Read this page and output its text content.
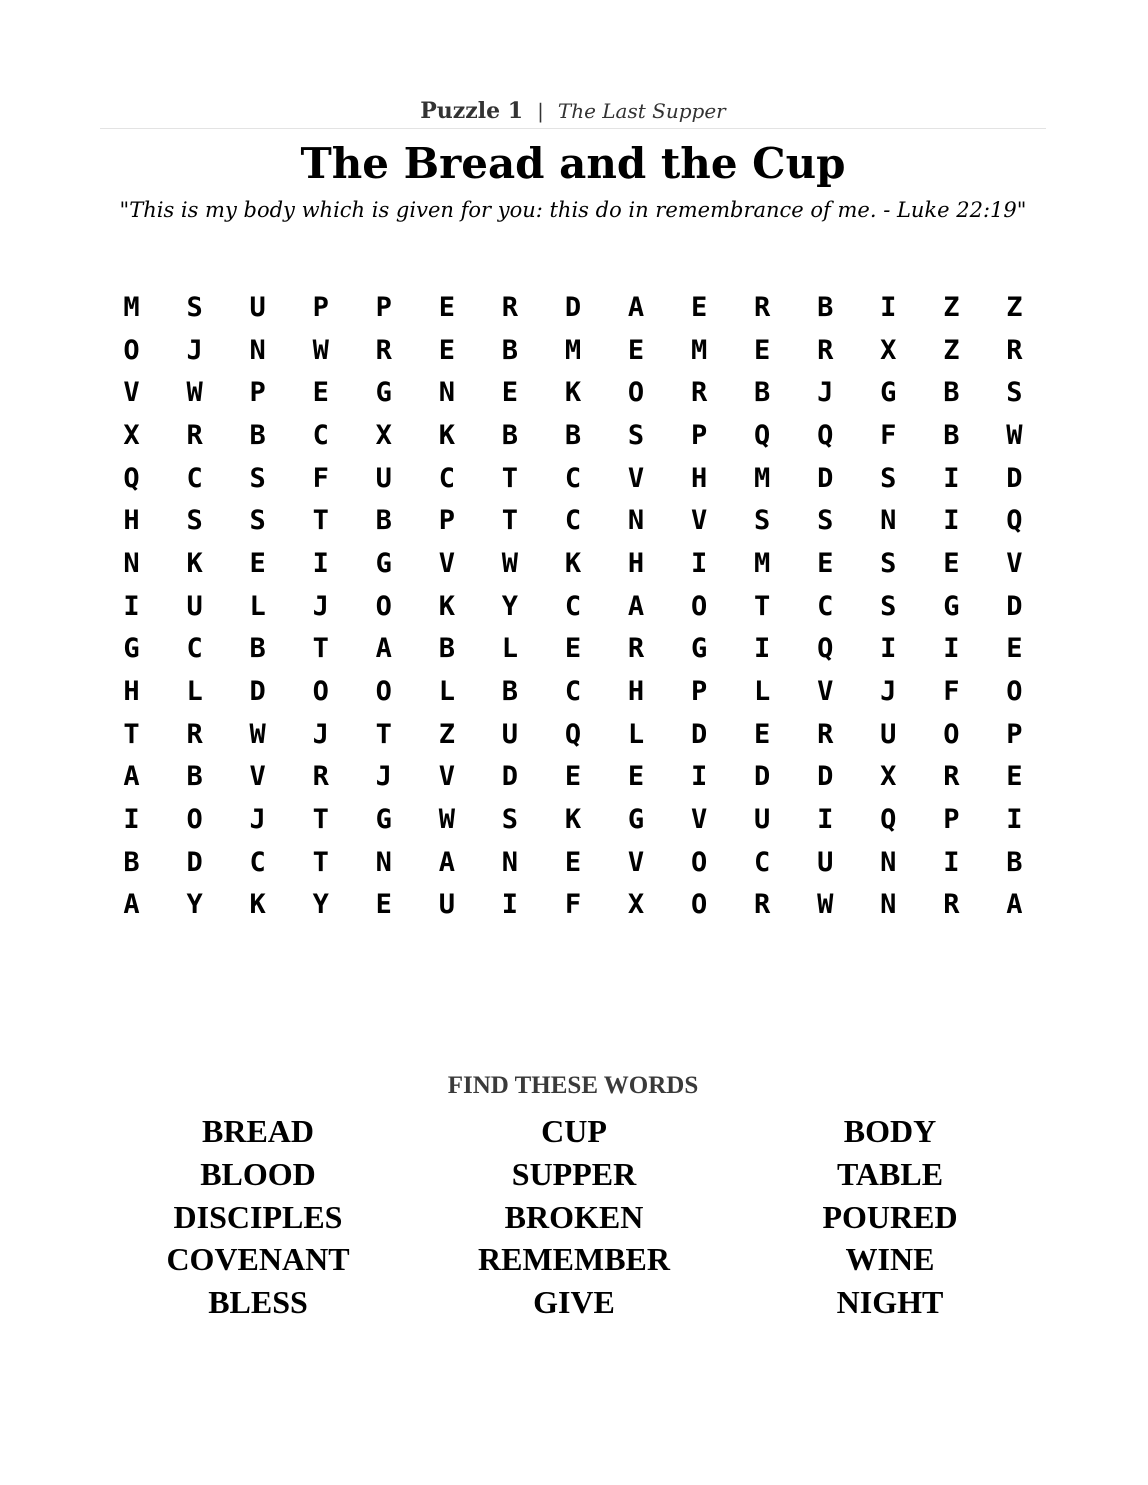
Puzzle 1 | The Last Supper
The Bread and the Cup
"This is my body which is given for you: this do in remembrance of me. - Luke 22:19"
M	S	U	P	P	E	R	D	A	E	R	B	I	Z	Z
O	J	N	W	R	E	B	M	E	M	E	R	X	Z	R
V	W	P	E	G	N	E	K	O	R	B	J	G	B	S
X	R	B	C	X	K	B	B	S	P	Q	Q	F	B	W
Q	C	S	F	U	C	T	C	V	H	M	D	S	I	D
H	S	S	T	B	P	T	C	N	V	S	S	N	I	Q
N	K	E	I	G	V	W	K	H	I	M	E	S	E	V
I	U	L	J	O	K	Y	C	A	O	T	C	S	G	D
G	C	B	T	A	B	L	E	R	G	I	Q	I	I	E
H	L	D	O	O	L	B	C	H	P	L	V	J	F	O
T	R	W	J	T	Z	U	Q	L	D	E	R	U	O	P
A	B	V	R	J	V	D	E	E	I	D	D	X	R	E
I	O	J	T	G	W	S	K	G	V	U	I	Q	P	I
B	D	C	T	N	A	N	E	V	O	C	U	N	I	B
A	Y	K	Y	E	U	I	F	X	O	R	W	N	R	A
FIND THESE WORDS
BREAD	CUP	BODY
BLOOD	SUPPER	TABLE
DISCIPLES	BROKEN	POURED
COVENANT	REMEMBER	WINE
BLESS	GIVE	NIGHT
